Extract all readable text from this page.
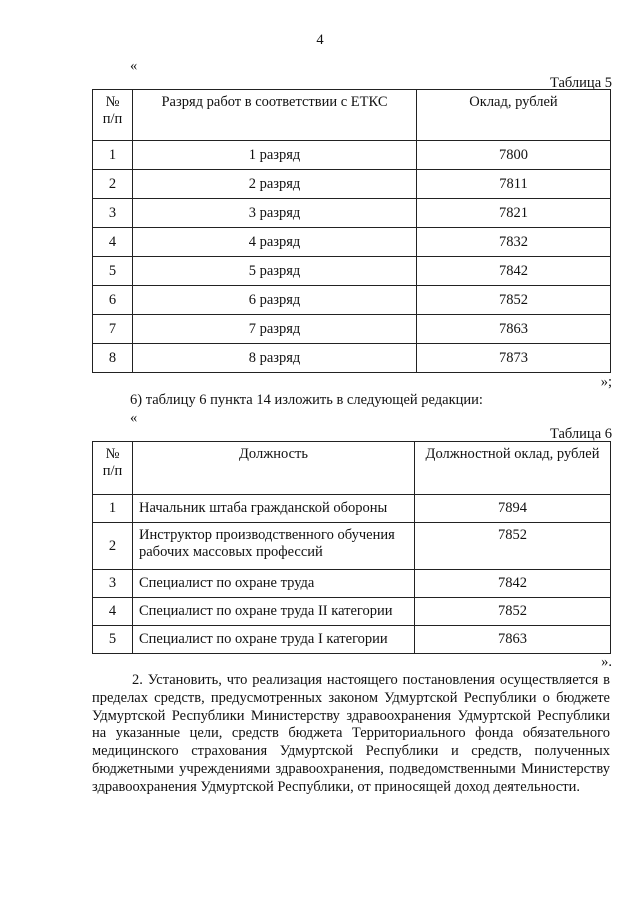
4
«
Таблица 5
№ п/п	Разряд работ в соответствии с ЕТКС	Оклад, рублей
1	1 разряд	7800
2	2 разряд	7811
3	3 разряд	7821
4	4 разряд	7832
5	5 разряд	7842
6	6 разряд	7852
7	7 разряд	7863
8	8 разряд	7873
»;
6) таблицу 6 пункта 14 изложить в следующей редакции:
«
Таблица 6
№ п/п	Должность	Должностной оклад, рублей
1	Начальник штаба гражданской обороны	7894
2	Инструктор производственного обучения рабочих массовых профессий	7852
3	Специалист по охране труда	7842
4	Специалист по охране труда II категории	7852
5	Специалист по охране труда I категории	7863
».
2. Установить, что реализация настоящего постановления осуществляется в пределах средств, предусмотренных законом Удмуртской Республики о бюджете Удмуртской Республики Министерству здравоохранения Удмуртской Республики на указанные цели, средств бюджета Территориального фонда обязательного медицинского страхования Удмуртской Республики и средств, полученных бюджетными учреждениями здравоохранения, подведомственными Министерству здравоохранения Удмуртской Республики, от приносящей доход деятельности.
